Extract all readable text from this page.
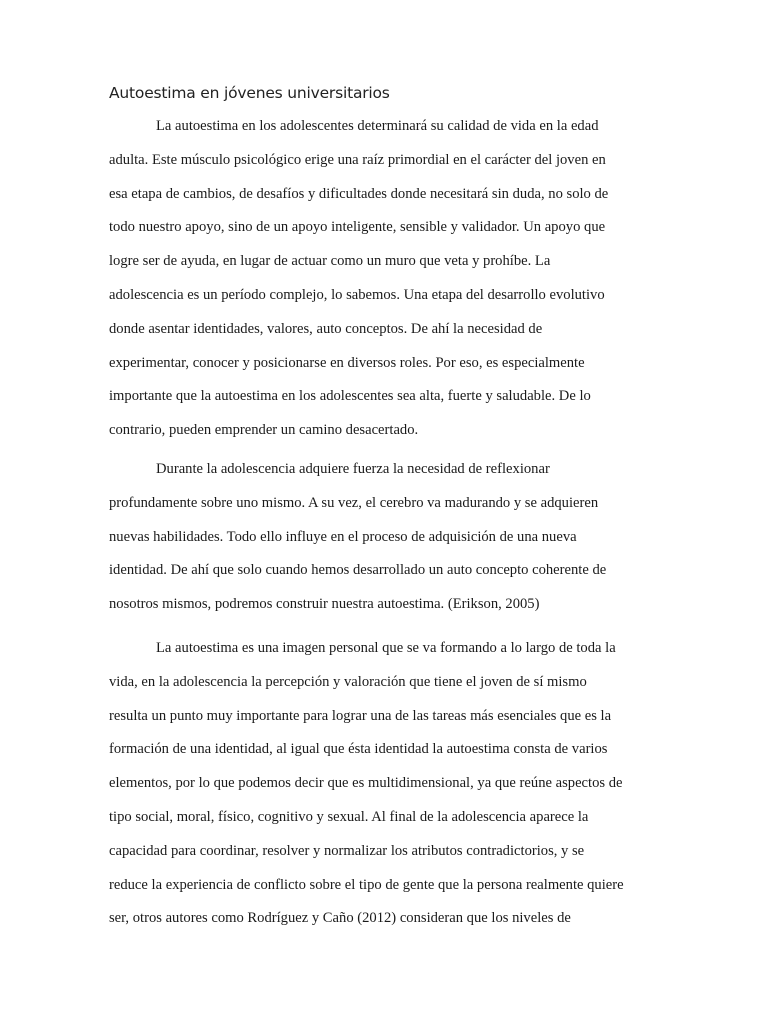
Autoestima en jóvenes universitarios
La autoestima en los adolescentes determinará su calidad de vida en la edad
adulta. Este músculo psicológico erige una raíz primordial en el carácter del joven en
esa etapa de cambios, de desafíos y dificultades donde necesitará sin duda, no solo de
todo nuestro apoyo, sino de un apoyo inteligente, sensible y validador. Un apoyo que
logre ser de ayuda, en lugar de actuar como un muro que veta y prohíbe. La
adolescencia es un período complejo, lo sabemos. Una etapa del desarrollo evolutivo
donde asentar identidades, valores, auto conceptos. De ahí la necesidad de
experimentar, conocer y posicionarse en diversos roles. Por eso, es especialmente
importante que la autoestima en los adolescentes sea alta, fuerte y saludable. De lo
contrario, pueden emprender un camino desacertado.
Durante la adolescencia adquiere fuerza la necesidad de reflexionar
profundamente sobre uno mismo. A su vez, el cerebro va madurando y se adquieren
nuevas habilidades. Todo ello influye en el proceso de adquisición de una nueva
identidad. De ahí que solo cuando hemos desarrollado un auto concepto coherente de
nosotros mismos, podremos construir nuestra autoestima. (Erikson, 2005)
La autoestima es una imagen personal que se va formando a lo largo de toda la
vida, en la adolescencia la percepción y valoración que tiene el joven de sí mismo
resulta un punto muy importante para lograr una de las tareas más esenciales que es la
formación de una identidad, al igual que ésta identidad la autoestima consta de varios
elementos, por lo que podemos decir que es multidimensional, ya que reúne aspectos de
tipo social, moral, físico, cognitivo y sexual. Al final de la adolescencia aparece la
capacidad para coordinar, resolver y normalizar los atributos contradictorios, y se
reduce la experiencia de conflicto sobre el tipo de gente que la persona realmente quiere
ser, otros autores como Rodríguez y Caño (2012) consideran que los niveles de
